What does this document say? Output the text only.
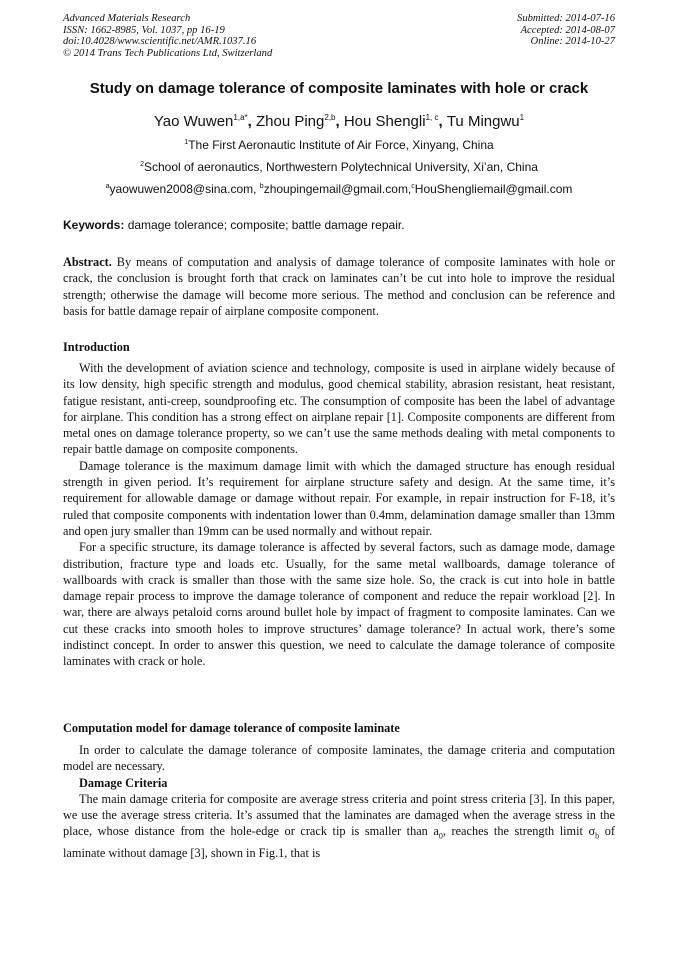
Advanced Materials Research
ISSN: 1662-8985, Vol. 1037, pp 16-19
doi:10.4028/www.scientific.net/AMR.1037.16
© 2014 Trans Tech Publications Ltd, Switzerland
Submitted: 2014-07-16
Accepted: 2014-08-07
Online: 2014-10-27
Study on damage tolerance of composite laminates with hole or crack
Yao Wuwen$^{1,a*}$, Zhou Ping$^{2,b}$, Hou Shengli$^{1, c}$, Tu Mingwu$^1$
$^1$The First Aeronautic Institute of Air Force, Xinyang, China
$^2$School of aeronautics, Northwestern Polytechnical University, Xi’an, China
$^a$yaowuwen2008@sina.com, $^b$zhoupingemail@gmail.com,$^c$HouShengliemail@gmail.com
Keywords: damage tolerance; composite; battle damage repair.

Abstract. By means of computation and analysis of damage tolerance of composite laminates with hole or crack, the conclusion is brought forth that crack on laminates can’t be cut into hole to improve the residual strength; otherwise the damage will become more serious. The method and conclusion can be reference and basis for battle damage repair of airplane composite component.

Introduction

With the development of aviation science and technology, composite is used in airplane widely because of its low density, high specific strength and modulus, good chemical stability, abrasion resistant, heat resistant, fatigue resistant, anti-creep, soundproofing etc. The consumption of composite has been the label of advantage for airplane. This condition has a strong effect on airplane repair [1]. Composite components are different from metal ones on damage tolerance property, so we can’t use the same methods dealing with metal components to repair battle damage on composite components.

Damage tolerance is the maximum damage limit with which the damaged structure has enough residual strength in given period. It’s requirement for airplane structure safety and design. At the same time, it’s requirement for allowable damage or damage without repair. For example, in repair instruction for F-18, it’s ruled that composite components with indentation lower than 0.4mm, delamination damage smaller than 13mm and open jury smaller than 19mm can be used normally and without repair.

For a specific structure, its damage tolerance is affected by several factors, such as damage mode, damage distribution, fracture type and loads etc. Usually, for the same metal wallboards, damage tolerance of wallboards with crack is smaller than those with the same size hole. So, the crack is cut into hole in battle damage repair process to improve the damage tolerance of component and reduce the repair workload [2]. In war, there are always petaloid corns around bullet hole by impact of fragment to composite laminates. Can we cut these cracks into smooth holes to improve structures’ damage tolerance? In actual work, there’s some indistinct concept. In order to answer this question, we need to calculate the damage tolerance of composite laminates with crack or hole.

Computation model for damage tolerance of composite laminate

In order to calculate the damage tolerance of composite laminates, the damage criteria and computation model are necessary.

Damage Criteria

The main damage criteria for composite are average stress criteria and point stress criteria [3]. In this paper, we use the average stress criteria. It’s assumed that the laminates are damaged when the average stress in the place, whose distance from the hole-edge or crack tip is smaller than $a_0$, reaches the strength limit $\sigma_b$ of laminate without damage [3], shown in Fig.1, that is
